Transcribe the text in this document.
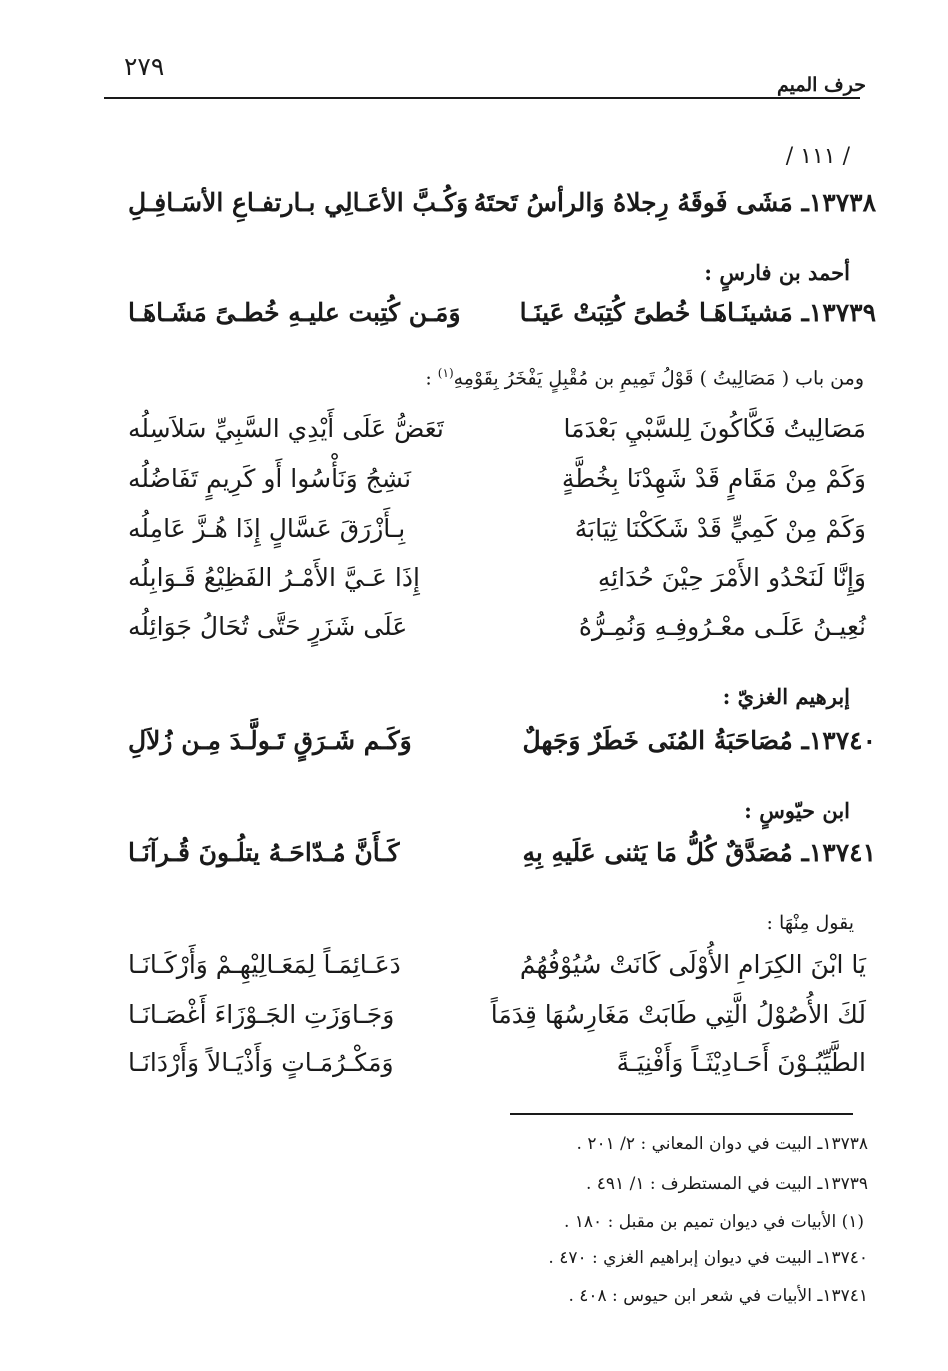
٢٧٩
حرف الميم
/ ١١١ /
١٣٧٣٨ـ مَشَى فَوقَهُ رِجلاهُ وَالرأسُ تَحتَهُ
وَكُـبَّ الأعَـالِي بـارتفـاعِ الأسَـافِـلِ
أحمد بن فارسٍ :
١٣٧٣٩ـ مَشينَـاهَـا خُطىً كُتِبَتْ عَينَـا
وَمَـن كُتِبت عليـهِ خُطـىً مَشَـاهَـا
ومن باب ( مَصَالِيتُ ) قَوْلُ تَمِيمِ بن مُقْبِلٍ يَفْخَرُ بِقَوْمِهِ$^{(١)}$ :
مَصَالِيتُ فَكَّاكُونَ لِلسَّبْيِ بَعْدَمَا
تَعَضُّ عَلَى أَيْدِي السَّبِيِّ سَلاَسِلُه
وَكَمْ مِنْ مَقَامٍ قَدْ شَهِدْنَا بِخُطَّةٍ
نَشِجُ وَنَأْسُوا أَو كَرِيمٍ تَفَاضُلُه
وَكَمْ مِنْ كَمِيٍّ قَدْ شَكَكْنَا ثِيَابَهُ
بِـأَزْرَقَ عَسَّالٍ إِذَا هُـزَّ عَامِلُه
وَإِنَّا لَنَحْدُو الأَمْرَ حِيْنَ حُدَائِهِ
إِذَا عَـيَّ الأَمْـرُ الفَظِيْعُ قَـوَابِلُه
نُعِيـنُ عَلَـى معْـرُوفِـهِ وَنُمِـرُّهُ
عَلَى شَزَرٍ حَتَّى تُحَالُ جَوَائِلُه
إبرهيم الغزيّ :
١٣٧٤٠ـ مُصَاحَبَةُ المُنَى خَطَرٌ وَجَهلٌ
وَكَـم شَـرَقٍ تَـولَّـدَ مِـن زُلاَلِ
ابن حيّوسٍ :
١٣٧٤١ـ مُصَدَّقٌ كُلُّ مَا يَثنى عَلَيهِ بِهِ
كَـأَنَّ مُـدّاحَـهُ يتلُـونَ قُـرآنَـا
يقول مِنْهَا :
يَا ابْنَ الكِرَامِ الأُوْلَى كَانَتْ سُيُوْفُهُمُ
دَعَـائِمَـاً لِمَعَـالِيْهِـمْ وَأَرْكَـانَـا
لَكَ الأُصُوْلُ الَّتِي طَابَتْ مَغَارِسُهَا قِدَمَاً
وَجَـاوَزَتِ الجَـوْزَاءَ أَغْصَـانَـا
الطَّيِّبُـوْنَ أَحَـادِيْثَـاً وَأَفْنِيَـةً
وَمَكْـرُمَـاتٍ وَأَذْيَـالاً وَأَرْدَانَـا
١٣٧٣٨ـ البيت في دوان المعاني : ٢/ ٢٠١ .
١٣٧٣٩ـ البيت في المستطرف : ١/ ٤٩١ .
(١) الأبيات في ديوان تميم بن مقبل : ١٨٠ .
١٣٧٤٠ـ البيت في ديوان إبراهيم الغزي : ٤٧٠ .
١٣٧٤١ـ الأبيات في شعر ابن حيوس : ٤٠٨ .
